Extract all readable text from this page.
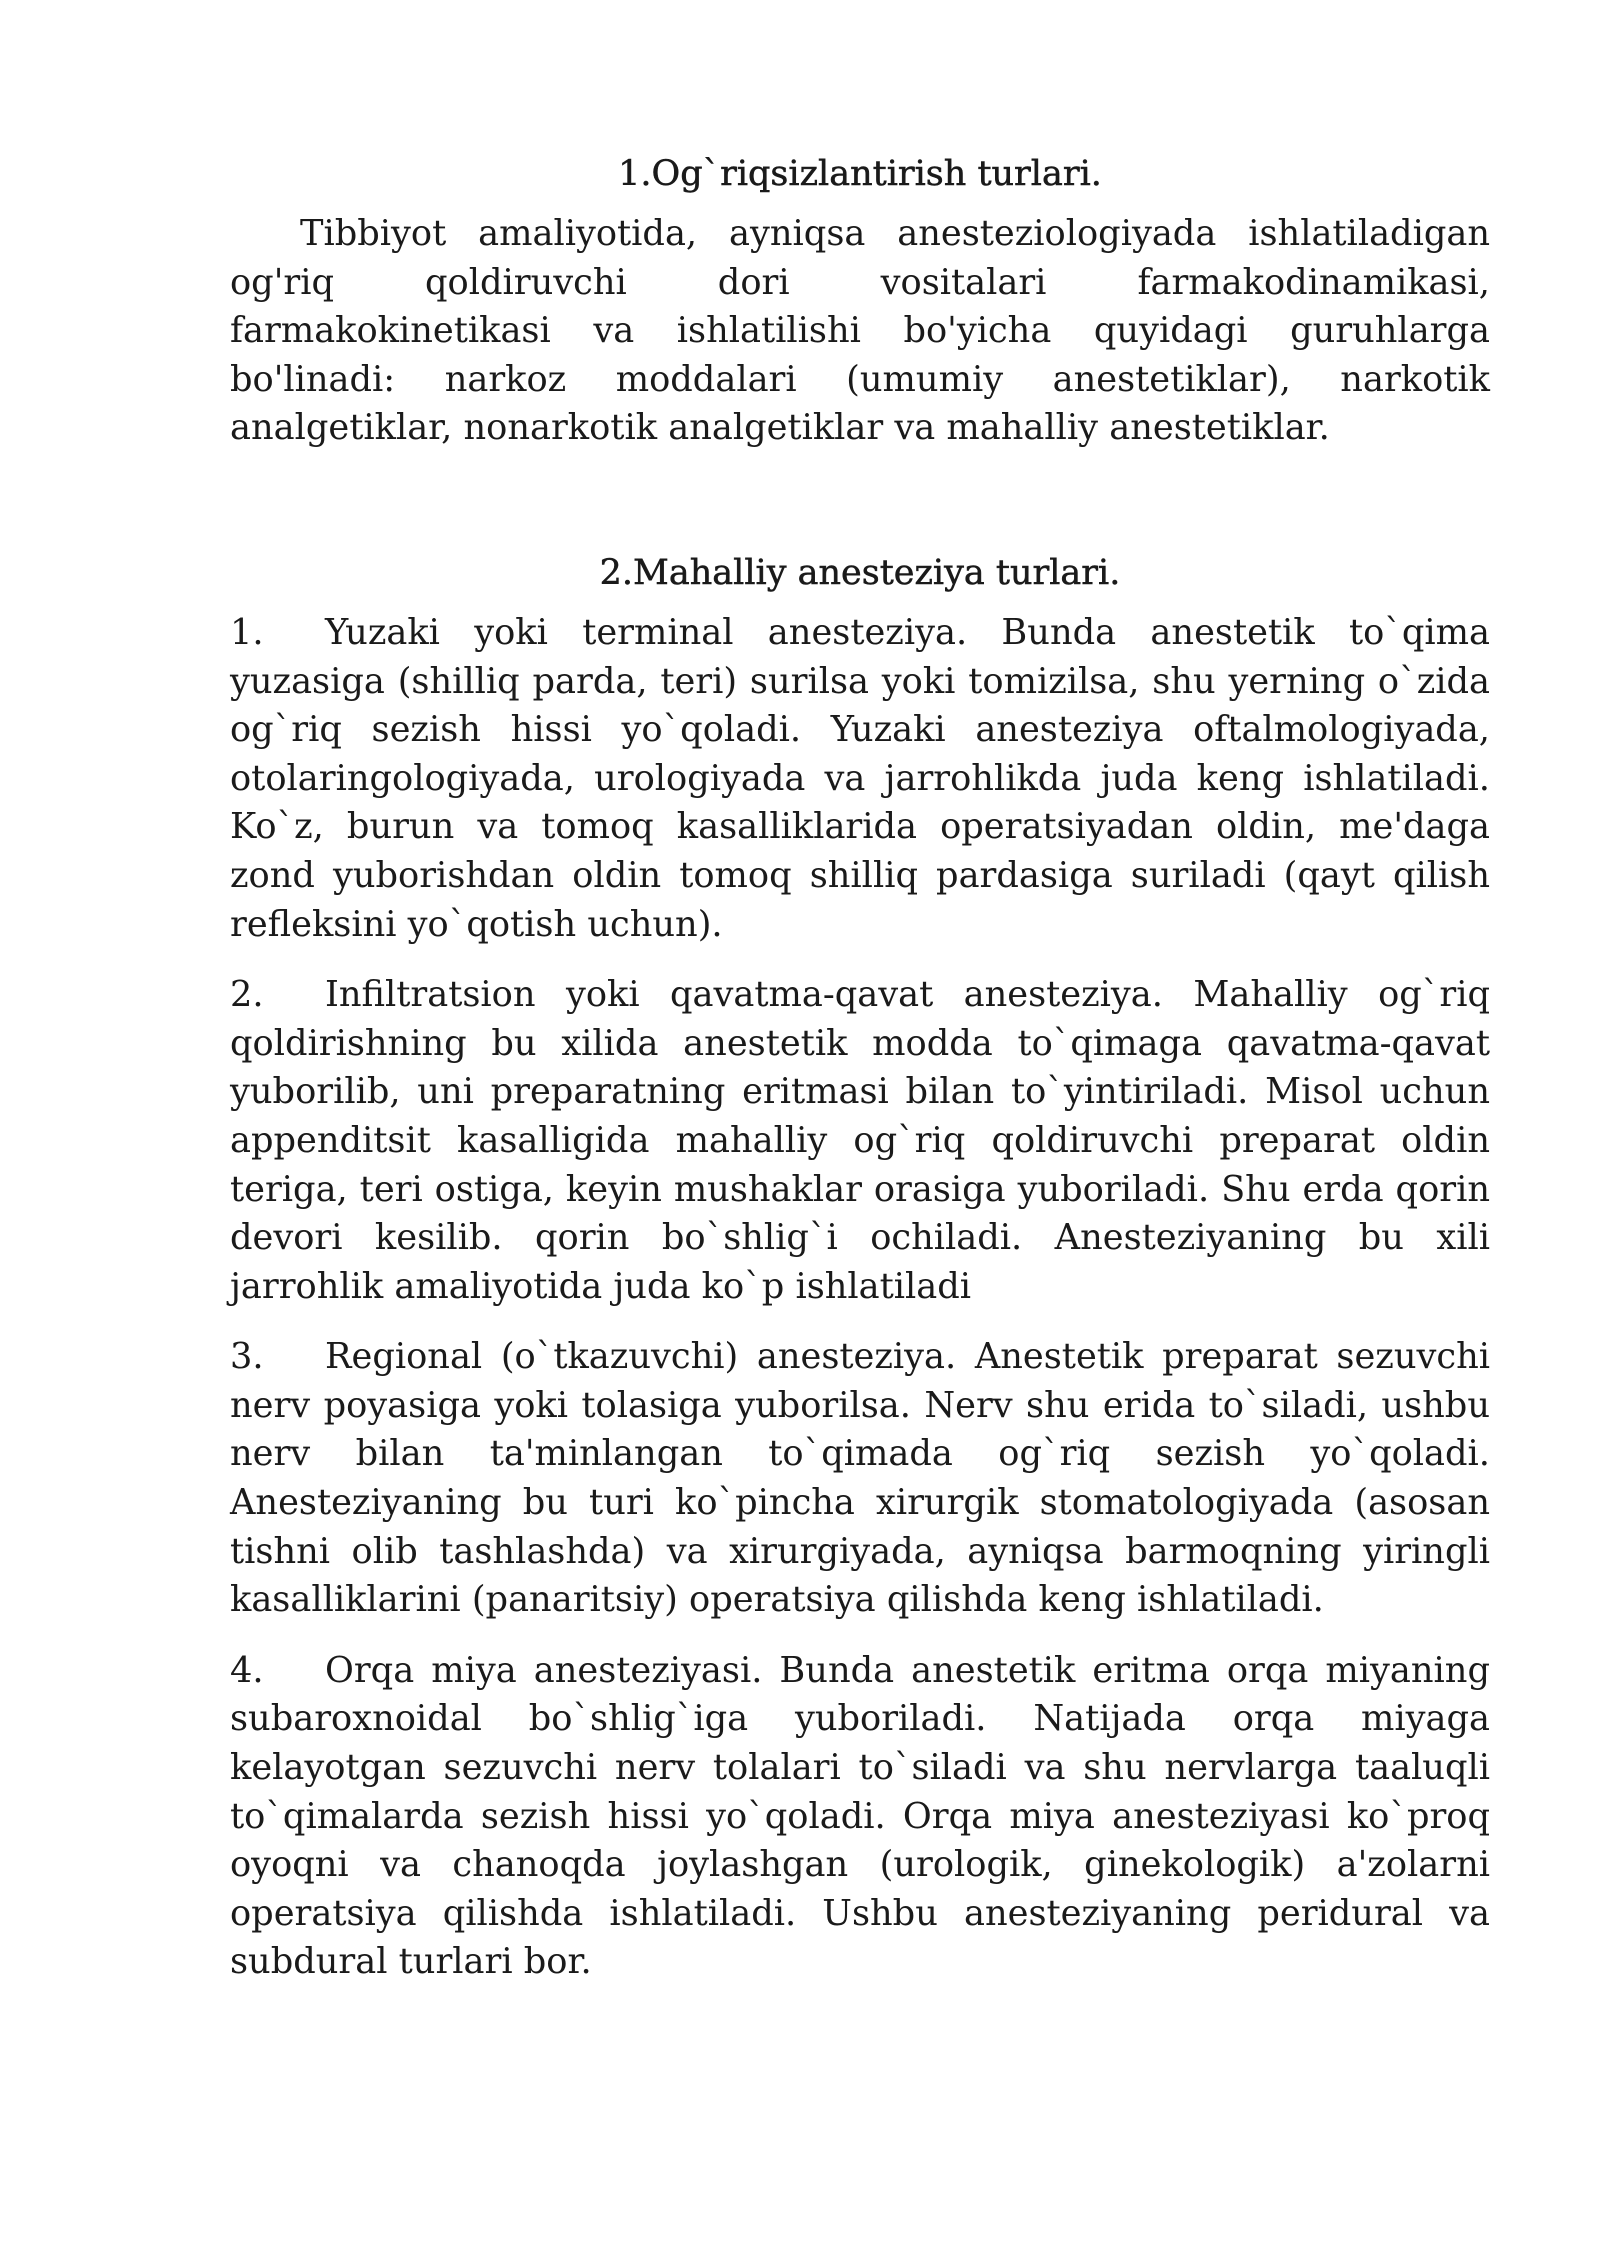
1.Og`riqsizlantirish turlari.

Tibbiyot amaliyotida, ayniqsa anesteziologiyada ishlatiladigan og'riq qoldiruvchi dori vositalari farmakodinamikasi, farmakokinetikasi va ishlatilishi bo'yicha quyidagi guruhlarga bo'linadi: narkoz moddalari (umumiy anestetiklar), narkotik analgetiklar, nonarkotik analgetiklar va mahalliy anestetiklar.

2.Mahalliy anesteziya turlari.

1. Yuzaki yoki terminal anesteziya. Bunda anestetik to`qima yuzasiga (shilliq parda, teri) surilsa yoki tomizilsa, shu yerning o`zida og`riq sezish hissi yo`qoladi. Yuzaki anesteziya oftalmologiyada, otolaringologiyada, urologiyada va jarrohlikda juda keng ishlatiladi. Ko`z, burun va tomoq kasalliklarida operatsiyadan oldin, me'daga zond yuborishdan oldin tomoq shilliq pardasiga suriladi (qayt qilish refleksini yo`qotish uchun).

2. Infiltratsion yoki qavatma-qavat anesteziya. Mahalliy og`riq qoldirishning bu xilida anestetik modda to`qimaga qavatma-qavat yuborilib, uni preparatning eritmasi bilan to`yintiriladi. Misol uchun appenditsit kasalligida mahalliy og`riq qoldiruvchi preparat oldin teriga, teri ostiga, keyin mushaklar orasiga yuboriladi. Shu erda qorin devori kesilib. qorin bo`shlig`i ochiladi. Anesteziyaning bu xili jarrohlik amaliyotida juda ko`p ishlatiladi

3. Regional (o`tkazuvchi) anesteziya. Anestetik preparat sezuvchi nerv poyasiga yoki tolasiga yuborilsa. Nerv shu erida to`siladi, ushbu nerv bilan ta'minlangan to`qimada og`riq sezish yo`qoladi. Anesteziyaning bu turi ko`pincha xirurgik stomatologiyada (asosan tishni olib tashlashda) va xirurgiyada, ayniqsa barmoqning yiringli kasalliklarini (panaritsiy) operatsiya qilishda keng ishlatiladi.

4. Orqa miya anesteziyasi. Bunda anestetik eritma orqa miyaning subaroxnoidal bo`shlig`iga yuboriladi. Natijada orqa miyaga kelayotgan sezuvchi nerv tolalari to`siladi va shu nervlarga taaluqli to`qimalarda sezish hissi yo`qoladi. Orqa miya anesteziyasi ko`proq oyoqni va chanoqda joylashgan (urologik, ginekologik) a'zolarni operatsiya qilishda ishlatiladi. Ushbu anesteziyaning peridural va subdural turlari bor.
